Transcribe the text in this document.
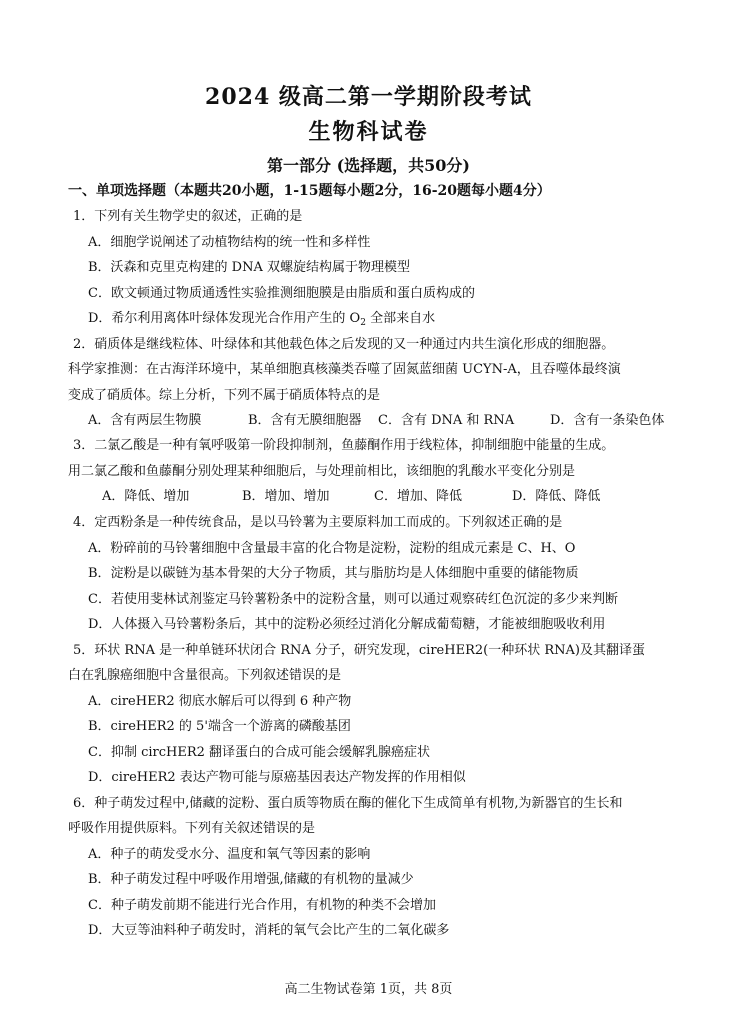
2024 级高二第一学期阶段考试
生物科试卷
第一部分 (选择题，共50分)
一、单项选择题（本题共20小题，1-15题每小题2分，16-20题每小题4分）
1．下列有关生物学史的叙述，正确的是
A．细胞学说阐述了动植物结构的统一性和多样性
B．沃森和克里克构建的 DNA 双螺旋结构属于物理模型
C．欧文顿通过物质通透性实验推测细胞膜是由脂质和蛋白质构成的
D．希尔利用离体叶绿体发现光合作用产生的 $O_2$ 全部来自水
2．硝质体是继线粒体、叶绿体和其他载色体之后发现的又一种通过内共生演化形成的细胞器。
科学家推测：在古海洋环境中，某单细胞真核藻类吞噬了固氮蓝细菌 UCYN-A，且吞噬体最终演
变成了硝质体。综上分析，下列不属于硝质体特点的是
A．含有两层生物膜	B．含有无膜细胞器 C．含有 DNA 和 RNA	D．含有一条染色体
3．二氯乙酸是一种有氧呼吸第一阶段抑制剂，鱼藤酮作用于线粒体，抑制细胞中能量的生成。
用二氯乙酸和鱼藤酮分别处理某种细胞后，与处理前相比，该细胞的乳酸水平变化分别是
A．降低、增加	B．增加、增加	C．增加、降低	D．降低、降低
4．定西粉条是一种传统食品，是以马铃薯为主要原料加工而成的。下列叙述正确的是
A．粉碎前的马铃薯细胞中含量最丰富的化合物是淀粉，淀粉的组成元素是 C、H、O
B．淀粉是以碳链为基本骨架的大分子物质，其与脂肪均是人体细胞中重要的储能物质
C．若使用斐林试剂鉴定马铃薯粉条中的淀粉含量，则可以通过观察砖红色沉淀的多少来判断
D．人体摄入马铃薯粉条后，其中的淀粉必须经过消化分解成葡萄糖，才能被细胞吸收利用
5．环状 RNA 是一种单链环状闭合 RNA 分子，研究发现，cireHER2(一种环状 RNA)及其翻译蛋
白在乳腺癌细胞中含量很高。下列叙述错误的是
A．cireHER2 彻底水解后可以得到 6 种产物
B．cireHER2 的 5'端含一个游离的磷酸基团
C．抑制 circHER2 翻译蛋白的合成可能会缓解乳腺癌症状
D．cireHER2 表达产物可能与原癌基因表达产物发挥的作用相似
6．种子萌发过程中,储藏的淀粉、蛋白质等物质在酶的催化下生成简单有机物,为新器官的生长和
呼吸作用提供原料。下列有关叙述错误的是
A．种子的萌发受水分、温度和氧气等因素的影响
B．种子萌发过程中呼吸作用增强,储藏的有机物的量减少
C．种子萌发前期不能进行光合作用，有机物的种类不会增加
D．大豆等油料种子萌发时，消耗的氧气会比产生的二氧化碳多
高二生物试卷第 1页，共 8页
